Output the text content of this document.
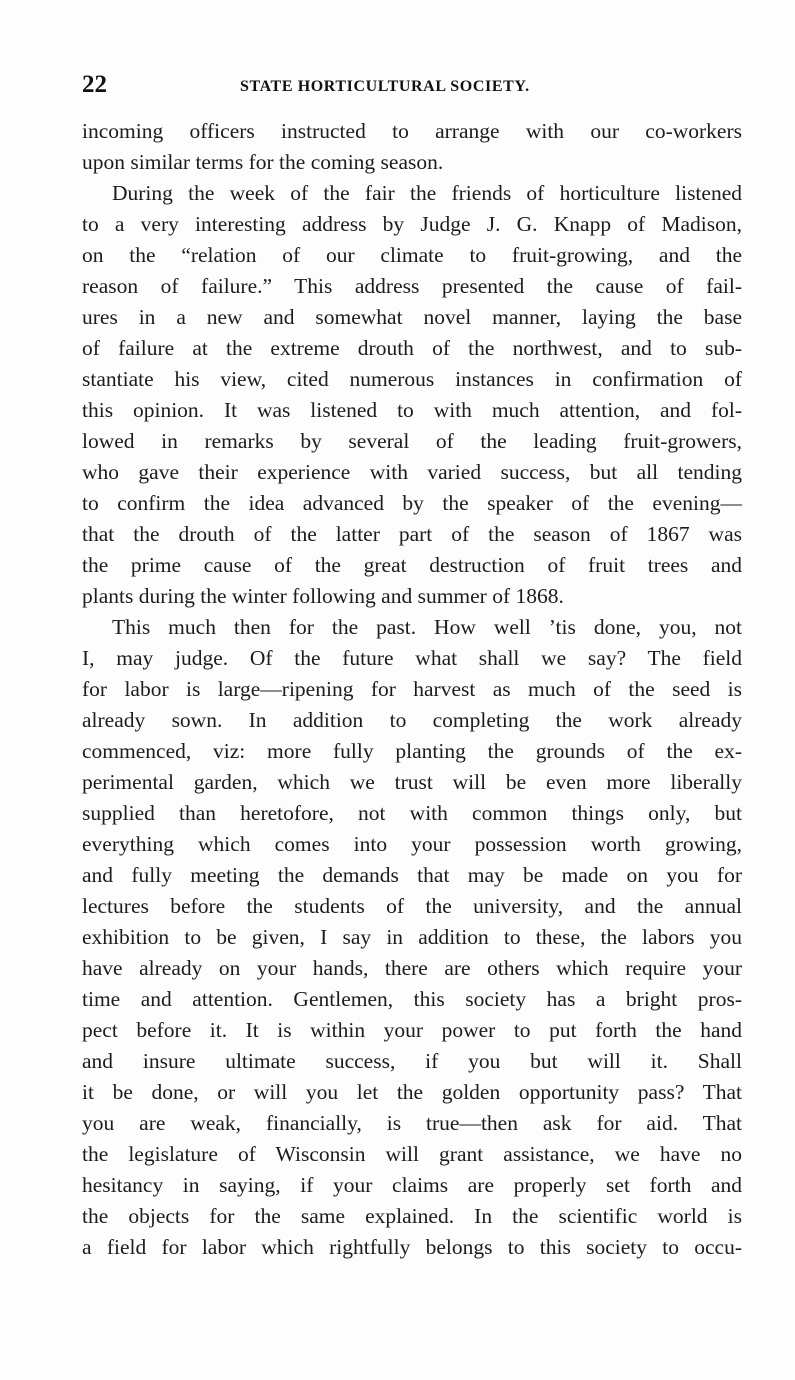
22	STATE HORTICULTURAL SOCIETY.
incoming officers instructed to arrange with our co-workers
upon similar terms for the coming season.
During the week of the fair the friends of horticulture listened
to a very interesting address by Judge J. G. Knapp of Madison,
on the “relation of our climate to fruit-growing, and the
reason of failure.” This address presented the cause of fail-
ures in a new and somewhat novel manner, laying the base
of failure at the extreme drouth of the northwest, and to sub-
stantiate his view, cited numerous instances in confirmation of
this opinion. It was listened to with much attention, and fol-
lowed in remarks by several of the leading fruit-growers,
who gave their experience with varied success, but all tending
to confirm the idea advanced by the speaker of the evening—
that the drouth of the latter part of the season of 1867 was
the prime cause of the great destruction of fruit trees and
plants during the winter following and summer of 1868.
This much then for the past. How well ’tis done, you, not
I, may judge. Of the future what shall we say? The field
for labor is large—ripening for harvest as much of the seed is
already sown. In addition to completing the work already
commenced, viz: more fully planting the grounds of the ex-
perimental garden, which we trust will be even more liberally
supplied than heretofore, not with common things only, but
everything which comes into your possession worth growing,
and fully meeting the demands that may be made on you for
lectures before the students of the university, and the annual
exhibition to be given, I say in addition to these, the labors you
have already on your hands, there are others which require your
time and attention. Gentlemen, this society has a bright pros-
pect before it. It is within your power to put forth the hand
and insure ultimate success, if you but will it. Shall
it be done, or will you let the golden opportunity pass? That
you are weak, financially, is true—then ask for aid. That
the legislature of Wisconsin will grant assistance, we have no
hesitancy in saying, if your claims are properly set forth and
the objects for the same explained. In the scientific world is
a field for labor which rightfully belongs to this society to occu-
